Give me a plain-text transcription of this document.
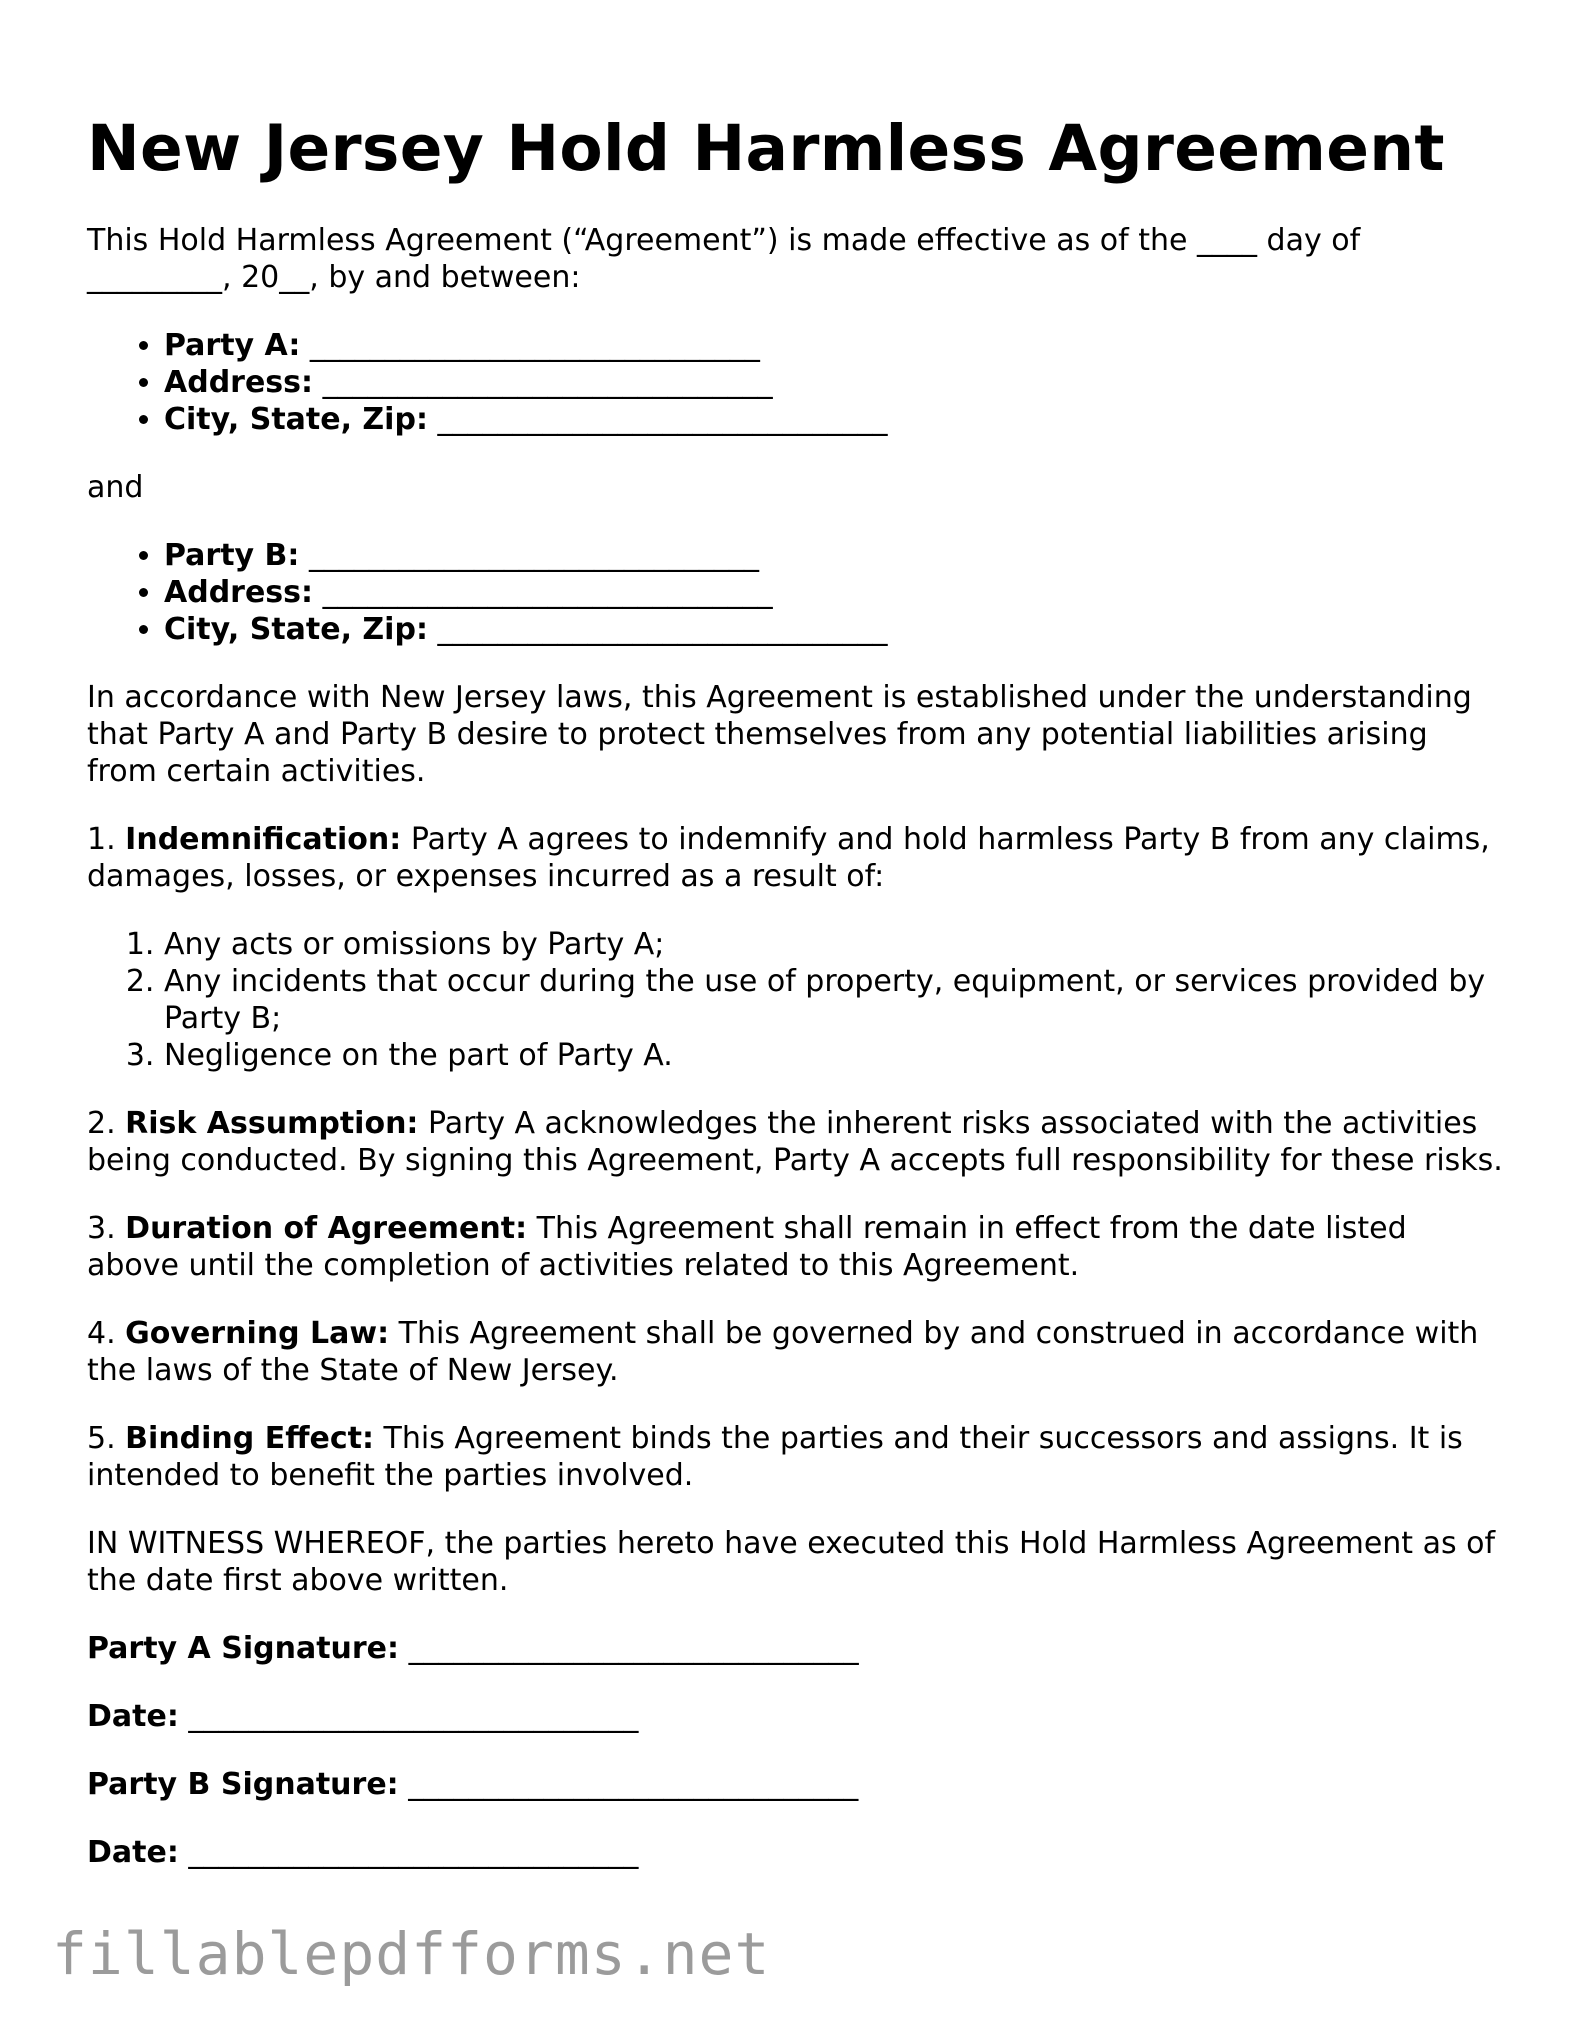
New Jersey Hold Harmless Agreement

This Hold Harmless Agreement (“Agreement”) is made effective as of the ____ day of _________, 20__, by and between:

• Party A: ______________________________
• Address: ______________________________
• City, State, Zip: ______________________________

and

• Party B: ______________________________
• Address: ______________________________
• City, State, Zip: ______________________________

In accordance with New Jersey laws, this Agreement is established under the understanding that Party A and Party B desire to protect themselves from any potential liabilities arising from certain activities.

1. Indemnification: Party A agrees to indemnify and hold harmless Party B from any claims, damages, losses, or expenses incurred as a result of:

1. Any acts or omissions by Party A;
2. Any incidents that occur during the use of property, equipment, or services provided by Party B;
3. Negligence on the part of Party A.

2. Risk Assumption: Party A acknowledges the inherent risks associated with the activities being conducted. By signing this Agreement, Party A accepts full responsibility for these risks.

3. Duration of Agreement: This Agreement shall remain in effect from the date listed above until the completion of activities related to this Agreement.

4. Governing Law: This Agreement shall be governed by and construed in accordance with the laws of the State of New Jersey.

5. Binding Effect: This Agreement binds the parties and their successors and assigns. It is intended to benefit the parties involved.

IN WITNESS WHEREOF, the parties hereto have executed this Hold Harmless Agreement as of the date first above written.

Party A Signature: ______________________________

Date: ______________________________

Party B Signature: ______________________________

Date: ______________________________

fillablepdfforms.net
